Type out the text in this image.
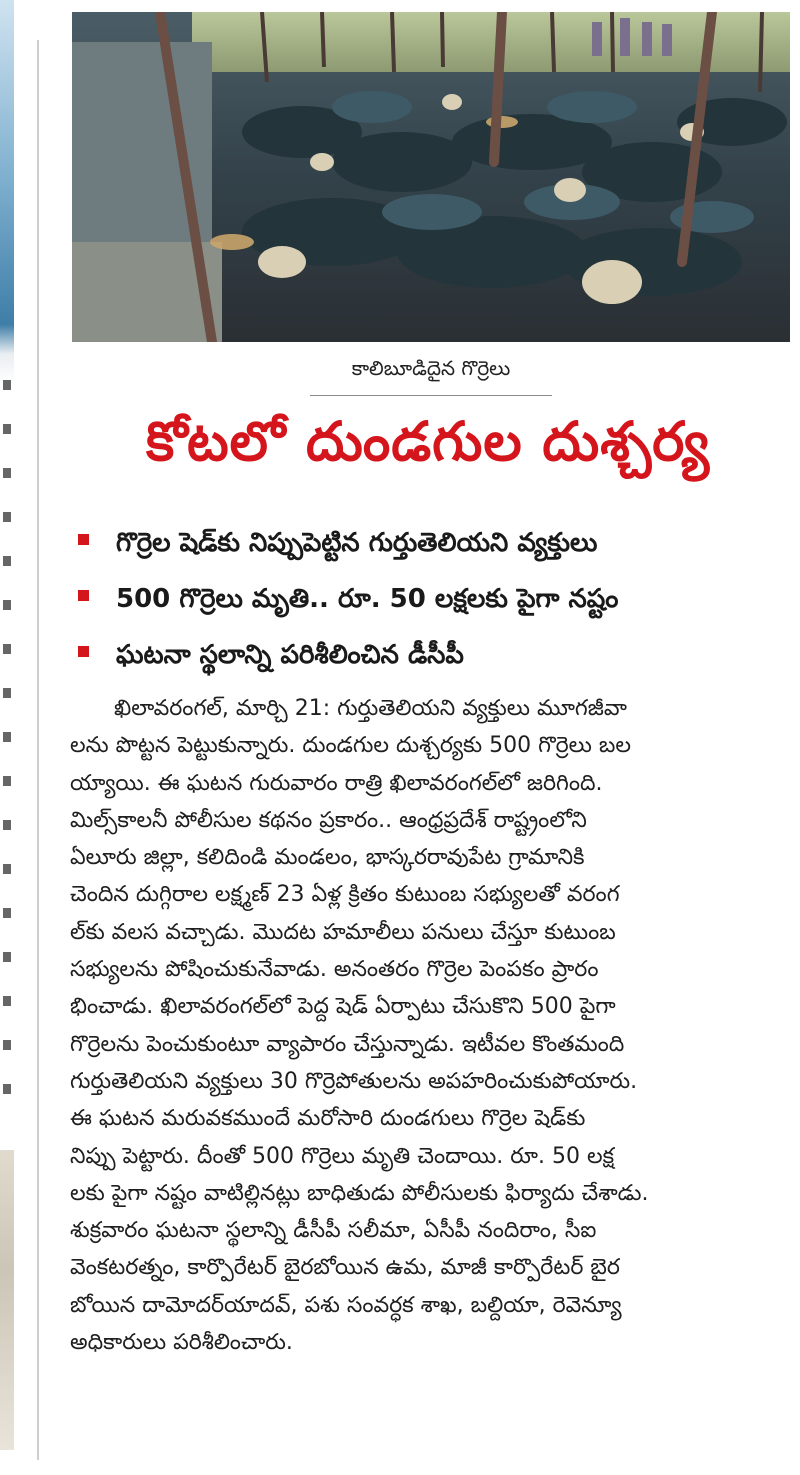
కాలిబూడిదైన గొర్రెలు
కోటలో దుండగుల దుశ్చర్య
గొర్రెల షెడ్‌కు నిప్పుపెట్టిన గుర్తుతెలియని వ్యక్తులు
500 గొర్రెలు మృతి.. రూ. 50 లక్షలకు పైగా నష్టం
ఘటనా స్థలాన్ని పరిశీలించిన డీసీపీ
ఖిలావరంగల్, మార్చి 21: గుర్తుతెలియని వ్యక్తులు మూగజీవా
లను పొట్టన పెట్టుకున్నారు. దుండగుల దుశ్చర్యకు 500 గొర్రెలు బల
య్యాయి. ఈ ఘటన గురువారం రాత్రి ఖిలావరంగల్‌లో జరిగింది.
మిల్స్‌కాలనీ పోలీసుల కథనం ప్రకారం.. ఆంధ్రప్రదేశ్ రాష్ట్రంలోని
ఏలూరు జిల్లా, కలిదిండి మండలం, భాస్కరరావుపేట గ్రామానికి
చెందిన దుగ్గిరాల లక్ష్మణ్ 23 ఏళ్ల క్రితం కుటుంబ సభ్యులతో వరంగ
ల్‌కు వలస వచ్చాడు. మొదట హమాలీలు పనులు చేస్తూ కుటుంబ
సభ్యులను పోషించుకునేవాడు. అనంతరం గొర్రెల పెంపకం ప్రారం
భించాడు. ఖిలావరంగల్‌లో పెద్ద షెడ్ ఏర్పాటు చేసుకొని 500 పైగా
గొర్రెలను పెంచుకుంటూ వ్యాపారం చేస్తున్నాడు. ఇటీవల కొంతమంది
గుర్తుతెలియని వ్యక్తులు 30 గొర్రెపోతులను అపహరించుకుపోయారు.
ఈ ఘటన మరువకముందే మరోసారి దుండగులు గొర్రెల షెడ్‌కు
నిప్పు పెట్టారు. దీంతో 500 గొర్రెలు మృతి చెందాయి. రూ. 50 లక్ష
లకు పైగా నష్టం వాటిల్లినట్లు బాధితుడు పోలీసులకు ఫిర్యాదు చేశాడు.
శుక్రవారం ఘటనా స్థలాన్ని డీసీపీ సలీమా, ఏసీపీ నందిరాం, సీఐ
వెంకటరత్నం, కార్పొరేటర్ బైరబోయిన ఉమ, మాజీ కార్పొరేటర్ బైర
బోయిన దామోదర్‌యాదవ్, పశు సంవర్ధక శాఖ, బల్దియా, రెవెన్యూ
అధికారులు పరిశీలించారు.
